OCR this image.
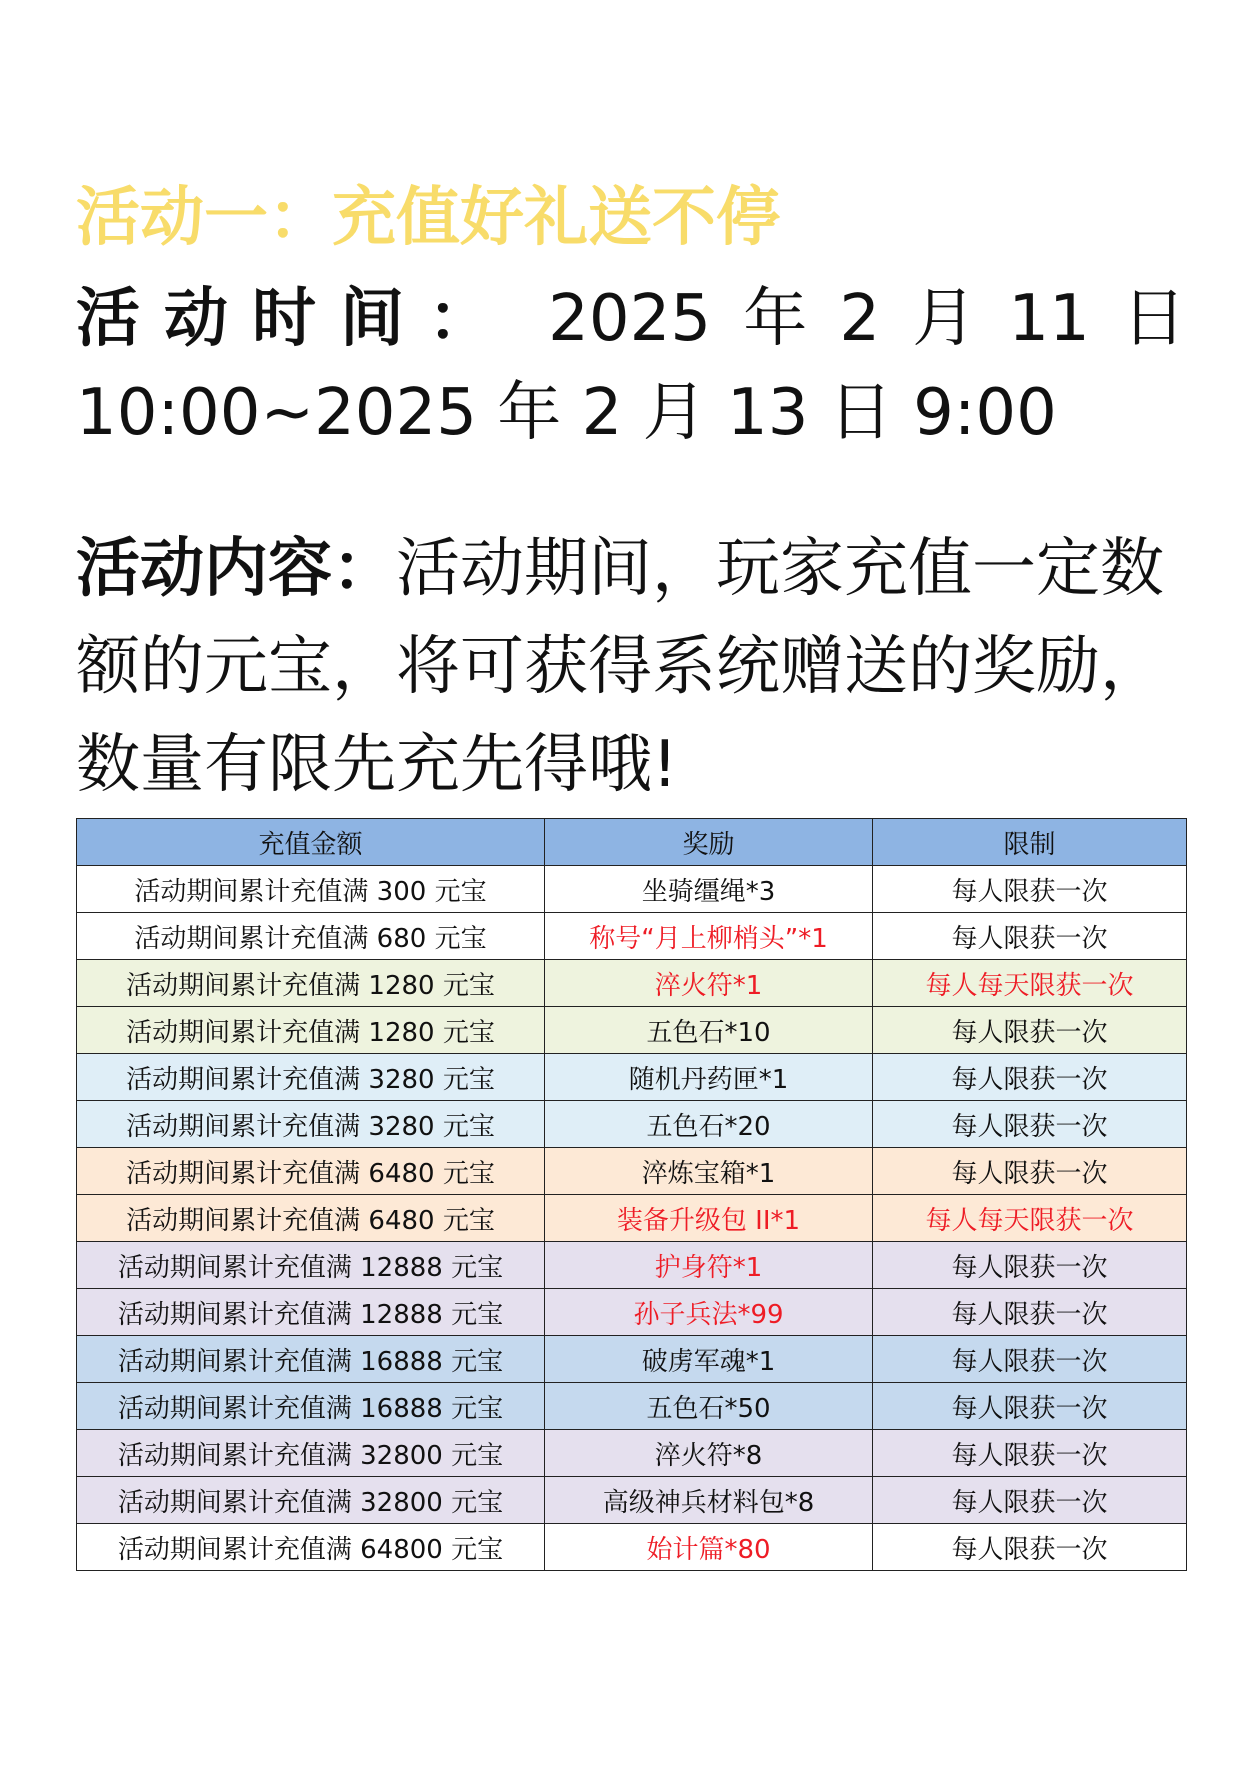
活动一：充值好礼送不停
活动时间： 2025 年 2 月 11 日
10:00~2025 年 2 月 13 日 9:00
活动内容：活动期间，玩家充值一定数额的元宝，将可获得系统赠送的奖励，数量有限先充先得哦!
充值金额	奖励	限制
活动期间累计充值满 300 元宝	坐骑缰绳*3	每人限获一次
活动期间累计充值满 680 元宝	称号“月上柳梢头”*1	每人限获一次
活动期间累计充值满 1280 元宝	淬火符*1	每人每天限获一次
活动期间累计充值满 1280 元宝	五色石*10	每人限获一次
活动期间累计充值满 3280 元宝	随机丹药匣*1	每人限获一次
活动期间累计充值满 3280 元宝	五色石*20	每人限获一次
活动期间累计充值满 6480 元宝	淬炼宝箱*1	每人限获一次
活动期间累计充值满 6480 元宝	装备升级包 II*1	每人每天限获一次
活动期间累计充值满 12888 元宝	护身符*1	每人限获一次
活动期间累计充值满 12888 元宝	孙子兵法*99	每人限获一次
活动期间累计充值满 16888 元宝	破虏军魂*1	每人限获一次
活动期间累计充值满 16888 元宝	五色石*50	每人限获一次
活动期间累计充值满 32800 元宝	淬火符*8	每人限获一次
活动期间累计充值满 32800 元宝	高级神兵材料包*8	每人限获一次
活动期间累计充值满 64800 元宝	始计篇*80	每人限获一次
